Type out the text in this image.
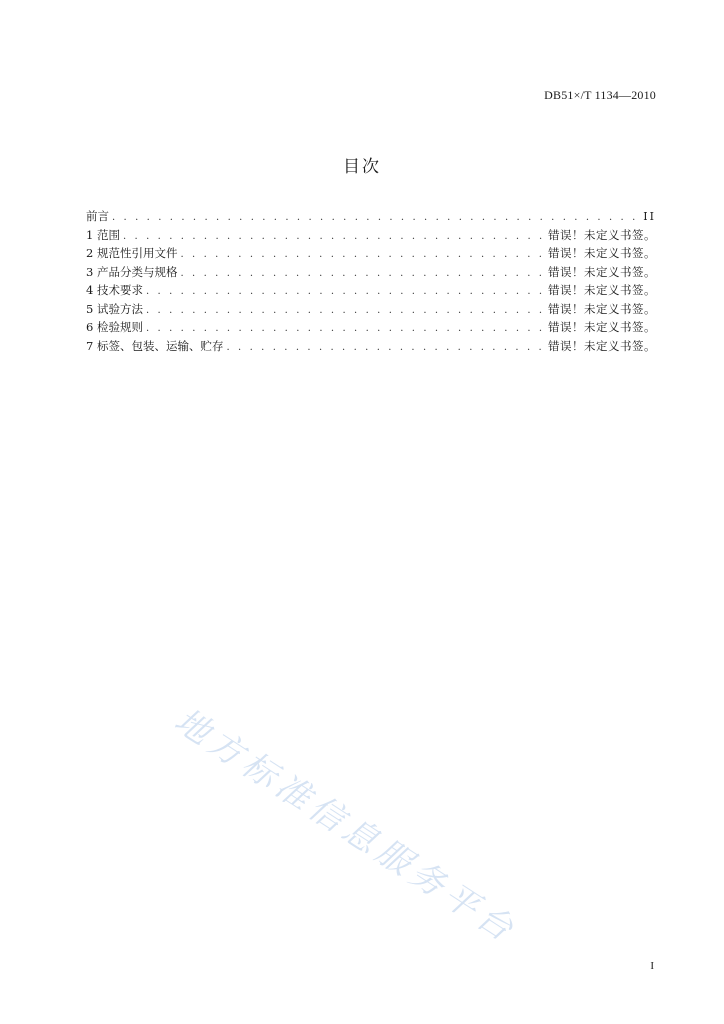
DB51×/T 1134—2010
目次
前言 . . .	II
1 范围 . . .	错误！未定义书签。
2 规范性引用文件 . . .	错误！未定义书签。
3 产品分类与规格 . . .	错误！未定义书签。
4 技术要求 . . .	错误！未定义书签。
5 试验方法 . . .	错误！未定义书签。
6 检验规则 . . .	错误！未定义书签。
7 标签、包装、运输、贮存 . . .	错误！未定义书签。
地方标准信息服务平台
I
